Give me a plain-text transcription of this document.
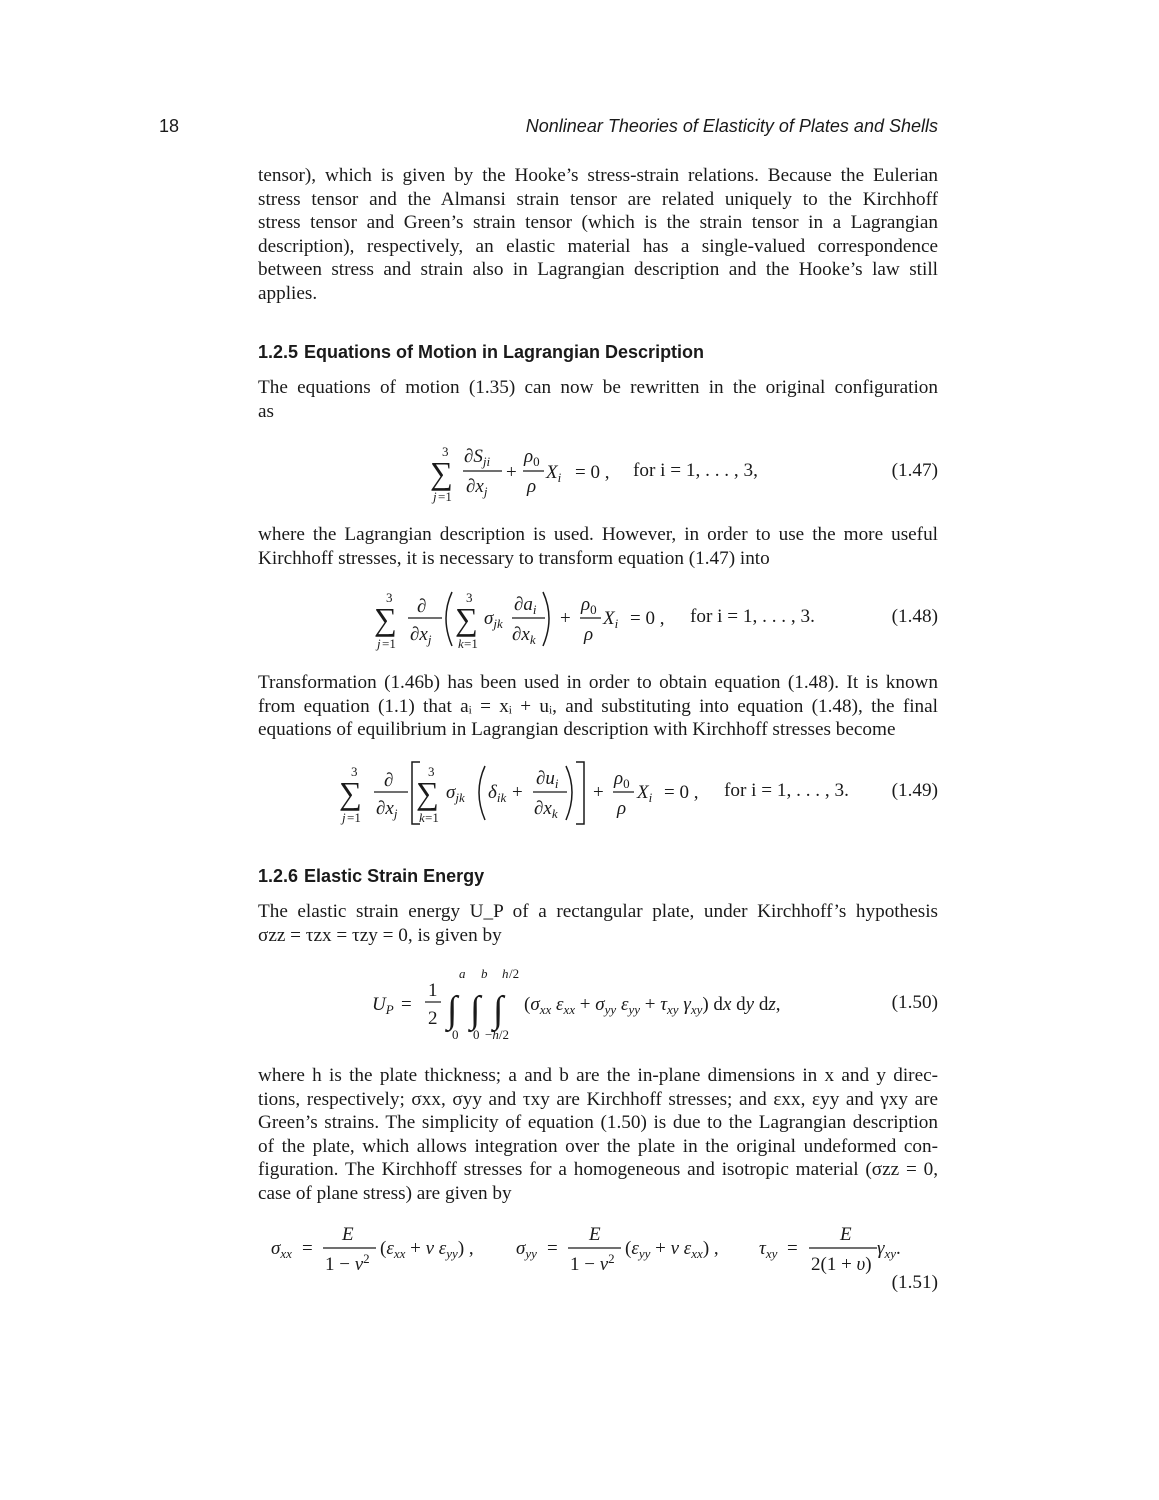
18	Nonlinear Theories of Elasticity of Plates and Shells
tensor), which is given by the Hooke’s stress-strain relations. Because the Eulerian
stress tensor and the Almansi strain tensor are related uniquely to the Kirchhoff
stress tensor and Green’s strain tensor (which is the strain tensor in a Lagrangian
description), respectively, an elastic material has a single-valued correspondence
between stress and strain also in Lagrangian description and the Hooke’s law still
applies.
1.2.5 Equations of Motion in Lagrangian Description
The equations of motion (1.35) can now be rewritten in the original configuration
as
3
∑
j =1
$\partial S_{ji}$
$\partial x_j$
+
$\rho_0$
ρ
$X_i = 0$ , for i = 1, . . . , 3,	(1.47)
where the Lagrangian description is used. However, in order to use the more useful
Kirchhoff stresses, it is necessary to transform equation (1.47) into
3
∑
j =1
∂
$\partial x_j$
3
∑
k =1
$\sigma_{jk}$
$\partial a_i$
$\partial x_k$
+
$\rho_0$
ρ
$X_i = 0$ , for i = 1, . . . , 3.	(1.48)
Transformation (1.46b) has been used in order to obtain equation (1.48). It is known
from equation (1.1) that aᵢ = xᵢ + uᵢ, and substituting into equation (1.48), the final
equations of equilibrium in Lagrangian description with Kirchhoff stresses become
3
∑
j =1
∂
$\partial x_j$
3
∑
k =1
$\sigma_{jk}$ $\delta_{ik}$ +
$\partial u_i$
$\partial x_k$
+
$\rho_0$
ρ
$X_i = 0$ , for i = 1, . . . , 3. (1.49)
1.2.6 Elastic Strain Energy
The elastic strain energy U_P of a rectangular plate, under Kirchhoff’s hypothesis
σzz = τzx = τzy = 0, is given by
$U_P$ =
1
2
a
∫
0
b
∫
0
h /2
∫
−h/2
($\sigma_{xx}$ $\varepsilon_{xx} + \sigma_{yy}$ $\varepsilon_{yy} + \tau_{xy}$ $\gamma_{xy}$) dx dy dz,	(1.50)
where h is the plate thickness; a and b are the in-plane dimensions in x and y direc-
tions, respectively; σxx, σyy and τxy are Kirchhoff stresses; and εxx, εyy and γxy are
Green’s strains. The simplicity of equation (1.50) is due to the Lagrangian description
of the plate, which allows integration over the plate in the original undeformed con-
figuration. The Kirchhoff stresses for a homogeneous and isotropic material (σzz = 0,
case of plane stress) are given by
$\sigma_{xx}$ =
E
$1 - \nu^2$ ($\varepsilon_{xx} + \nu$ $\varepsilon_{yy}$) , $\sigma_{yy}$ =
E
$1 - \nu^2$ ($\varepsilon_{yy} + \nu$ $\varepsilon_{xx}$) , $\tau_{xy}$ =
E
2(1 + υ)
$\gamma_{xy}$.
(1.51)
